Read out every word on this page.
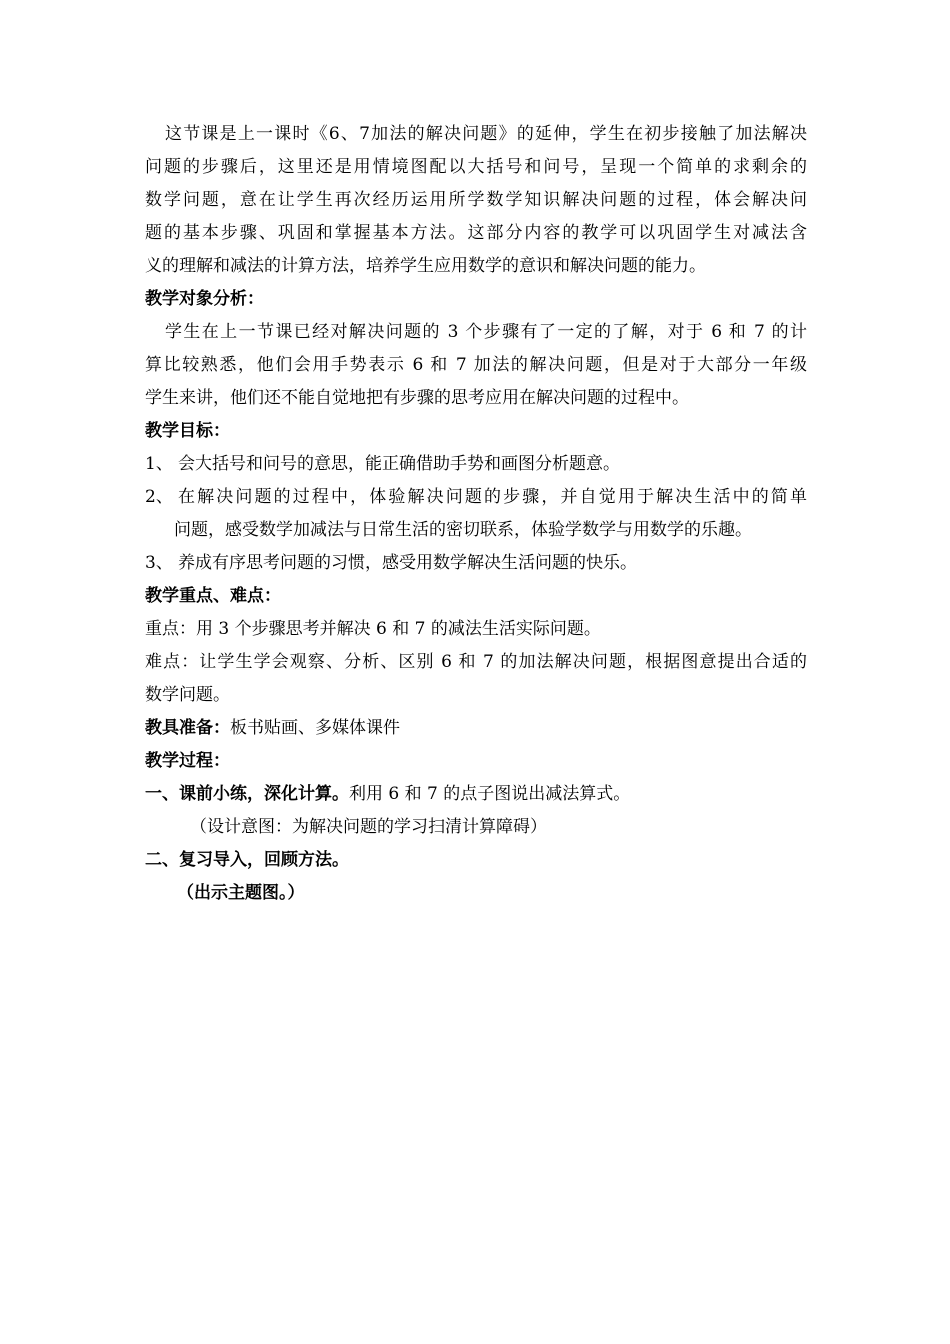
这节课是上一课时《6、7加法的解决问题》的延伸，学生在初步接触了加法解决

问题的步骤后，这里还是用情境图配以大括号和问号，呈现一个简单的求剩余的

数学问题，意在让学生再次经历运用所学数学知识解决问题的过程，体会解决问

题的基本步骤、巩固和掌握基本方法。这部分内容的教学可以巩固学生对减法含

义的理解和减法的计算方法，培养学生应用数学的意识和解决问题的能力。

教学对象分析：

学生在上一节课已经对解决问题的 3 个步骤有了一定的了解，对于 6 和 7 的计

算比较熟悉，他们会用手势表示 6 和 7 加法的解决问题，但是对于大部分一年级

学生来讲，他们还不能自觉地把有步骤的思考应用在解决问题的过程中。

教学目标：

1、 会大括号和问号的意思，能正确借助手势和画图分析题意。
2、 在解决问题的过程中，体验解决问题的步骤，并自觉用于解决生活中的简单

问题，感受数学加减法与日常生活的密切联系，体验学数学与用数学的乐趣。

3、 养成有序思考问题的习惯，感受用数学解决生活问题的快乐。

教学重点、难点：

重点：用 3 个步骤思考并解决 6 和 7 的减法生活实际问题。

难点：让学生学会观察、分析、区别 6 和 7 的加法解决问题，根据图意提出合适的

数学问题。

教具准备：板书贴画、多媒体课件

教学过程：

一、课前小练，深化计算。利用 6 和 7 的点子图说出减法算式。

（设计意图：为解决问题的学习扫清计算障碍）

二、复习导入，回顾方法。

（出示主题图。）
